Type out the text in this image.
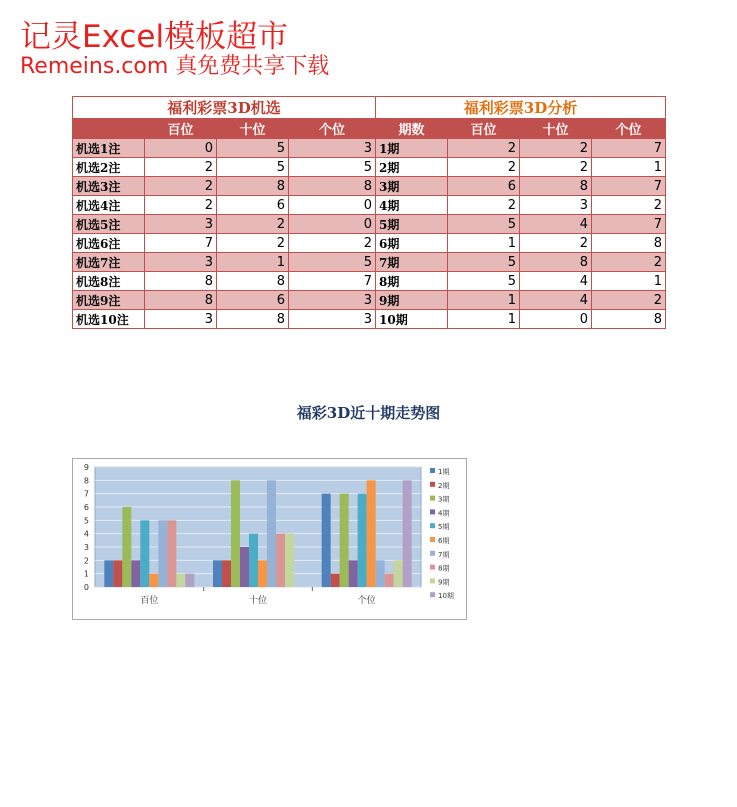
记灵Excel模板超市
Remeins.com 真免费共享下载
福利彩票3D机选				福利彩票3D分析			
	百位	十位	个位	期数	百位	十位	个位
机选1注	0	5	3	1期	2	2	7
机选2注	2	5	5	2期	2	2	1
机选3注	2	8	8	3期	6	8	7
机选4注	2	6	0	4期	2	3	2
机选5注	3	2	0	5期	5	4	7
机选6注	7	2	2	6期	1	2	8
机选7注	3	1	5	7期	5	8	2
机选8注	8	8	7	8期	5	4	1
机选9注	8	6	3	9期	1	4	2
机选10注	3	8	3	10期	1	0	8
福彩3D近十期走势图
0
1
2
3
4
5
6
7
8
9
百位	十位	个位
1期
2期
3期
4期
5期
6期
7期
8期
9期
10期
